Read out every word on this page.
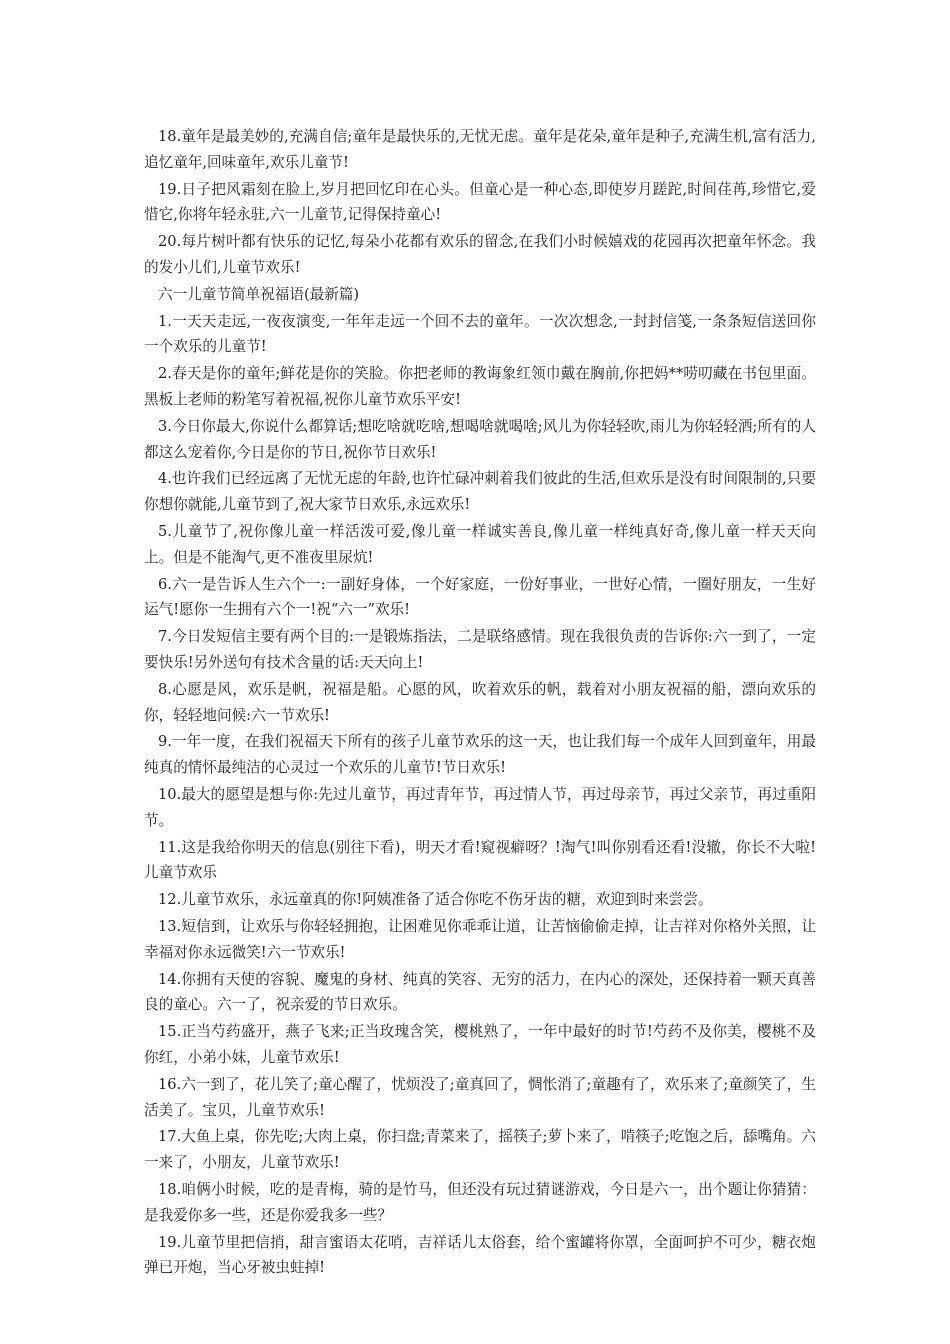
18.童年是最美妙的,充满自信;童年是最快乐的,无忧无虑。童年是花朵,童年是种子,充满生机,富有活力,追忆童年,回味童年,欢乐儿童节!

19.日子把风霜刻在脸上,岁月把回忆印在心头。但童心是一种心态,即使岁月蹉跎,时间荏苒,珍惜它,爱惜它,你将年轻永驻,六一儿童节,记得保持童心!

20.每片树叶都有快乐的记忆,每朵小花都有欢乐的留念,在我们小时候嬉戏的花园再次把童年怀念。我的发小儿们,儿童节欢乐!

六一儿童节简单祝福语(最新篇)

1.一天天走远,一夜夜演变,一年年走远一个回不去的童年。一次次想念,一封封信笺,一条条短信送回你一个欢乐的儿童节!

2.春天是你的童年;鲜花是你的笑脸。你把老师的教诲象红领巾戴在胸前,你把妈**唠叨藏在书包里面。黑板上老师的粉笔写着祝福,祝你儿童节欢乐平安!

3.今日你最大,你说什么都算话;想吃啥就吃啥,想喝啥就喝啥;风儿为你轻轻吹,雨儿为你轻轻洒;所有的人都这么宠着你,今日是你的节日,祝你节日欢乐!

4.也许我们已经远离了无忧无虑的年龄,也许忙碌冲刺着我们彼此的生活,但欢乐是没有时间限制的,只要你想你就能,儿童节到了,祝大家节日欢乐,永远欢乐!

5.儿童节了,祝你像儿童一样活泼可爱,像儿童一样诚实善良,像儿童一样纯真好奇,像儿童一样天天向上。但是不能淘气,更不准夜里尿炕!

6.六一是告诉人生六个一:一副好身体，一个好家庭，一份好事业，一世好心情，一圈好朋友，一生好运气!愿你一生拥有六个一!祝“六一”欢乐!

7.今日发短信主要有两个目的:一是锻炼指法，二是联络感情。现在我很负责的告诉你:六一到了，一定要快乐!另外送句有技术含量的话:天天向上!

8.心愿是风，欢乐是帆，祝福是船。心愿的风，吹着欢乐的帆，载着对小朋友祝福的船，漂向欢乐的你，轻轻地问候:六一节欢乐!

9.一年一度，在我们祝福天下所有的孩子儿童节欢乐的这一天，也让我们每一个成年人回到童年，用最纯真的情怀最纯洁的心灵过一个欢乐的儿童节!节日欢乐!

10.最大的愿望是想与你:先过儿童节，再过青年节，再过情人节，再过母亲节，再过父亲节，再过重阳节。

11.这是我给你明天的信息(别往下看)，明天才看!窥视癖呀？!淘气!叫你别看还看!没辙，你长不大啦!儿童节欢乐

12.儿童节欢乐，永远童真的你!阿姨准备了适合你吃不伤牙齿的糖，欢迎到时来尝尝。

13.短信到，让欢乐与你轻轻拥抱，让困难见你乖乖让道，让苦恼偷偷走掉，让吉祥对你格外关照，让幸福对你永远微笑!六一节欢乐!

14.你拥有天使的容貌、魔鬼的身材、纯真的笑容、无穷的活力，在内心的深处，还保持着一颗天真善良的童心。六一了，祝亲爱的节日欢乐。

15.正当芍药盛开，燕子飞来;正当玫瑰含笑，樱桃熟了，一年中最好的时节!芍药不及你美，樱桃不及你红，小弟小妹，儿童节欢乐!

16.六一到了，花儿笑了;童心醒了，忧烦没了;童真回了，惆怅消了;童趣有了，欢乐来了;童颜笑了，生活美了。宝贝，儿童节欢乐!

17.大鱼上桌，你先吃;大肉上桌，你扫盘;青菜来了，摇筷子;萝卜来了，啃筷子;吃饱之后，舔嘴角。六一来了，小朋友，儿童节欢乐!

18.咱俩小时候，吃的是青梅，骑的是竹马，但还没有玩过猜谜游戏，今日是六一，出个题让你猜猜：是我爱你多一些，还是你爱我多一些？

19.儿童节里把信捎，甜言蜜语太花哨，吉祥话儿太俗套，给个蜜罐将你罩，全面呵护不可少，糖衣炮弹已开炮，当心牙被虫蛀掉!
